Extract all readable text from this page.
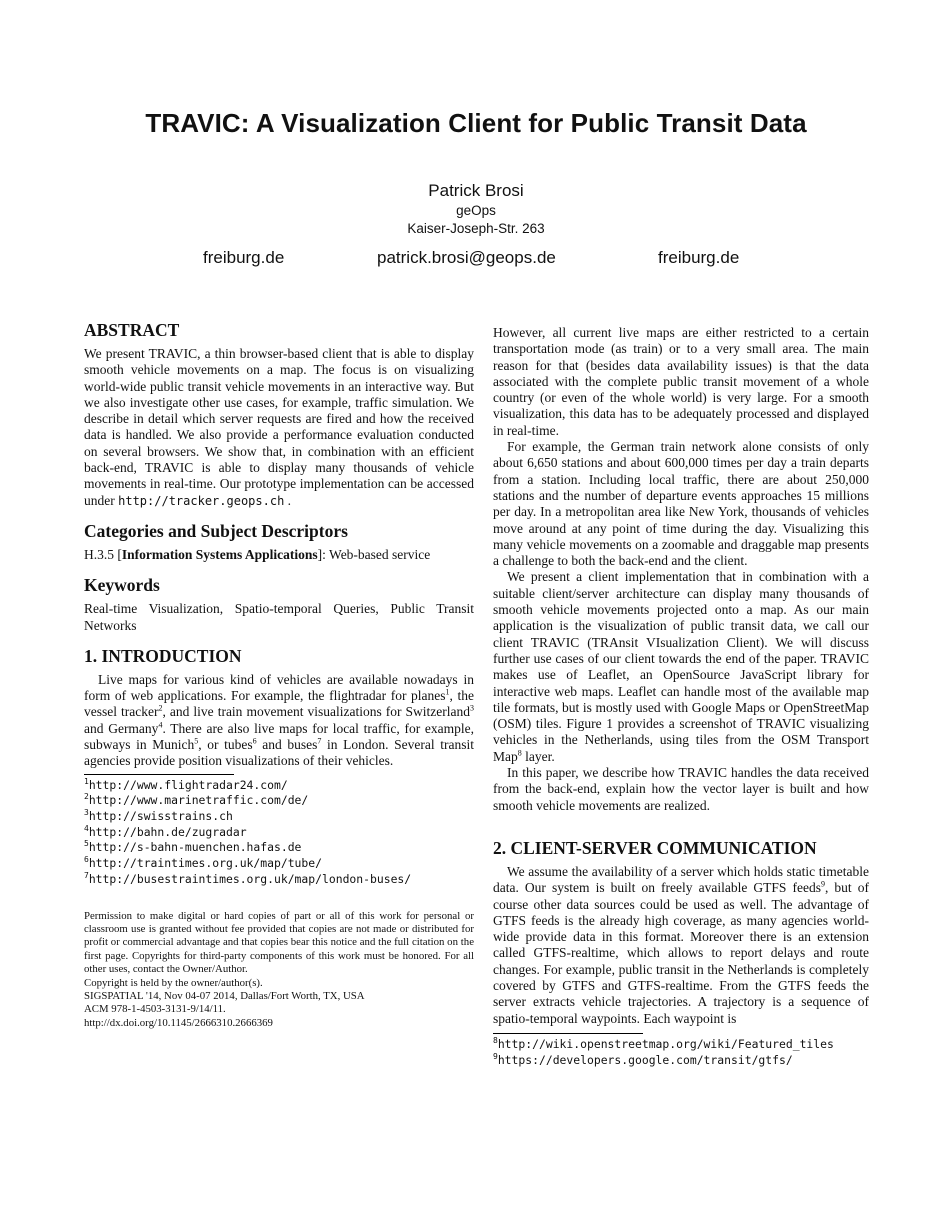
TRAVIC: A Visualization Client for Public Transit Data
Patrick Brosi
geOps
Kaiser-Joseph-Str. 263
freiburg.de	patrick.brosi@geops.de	freiburg.de
ABSTRACT

We present TRAVIC, a thin browser-based client that is able to display smooth vehicle movements on a map. The focus is on visualizing world-wide public transit vehicle movements in an interactive way. But we also investigate other use cases, for example, traffic simulation. We describe in detail which server requests are fired and how the received data is handled. We also provide a performance evaluation conducted on several browsers. We show that, in combination with an efficient back-end, TRAVIC is able to display many thousands of vehicle movements in real-time. Our prototype implementation can be accessed under http://tracker.geops.ch .

Categories and Subject Descriptors

H.3.5 [Information Systems Applications]: Web-based service

Keywords

Real-time Visualization, Spatio-temporal Queries, Public Transit Networks

1. INTRODUCTION

Live maps for various kind of vehicles are available nowadays in form of web applications. For example, the flightradar for planes$^1$, the vessel tracker$^2$, and live train movement visualizations for Switzerland$^3$ and Germany$^4$. There are also live maps for local traffic, for example, subways in Munich$^5$, or tubes$^6$ and buses$^7$ in London. Several transit agencies provide position visualizations of their vehicles.

$^1$http://www.flightradar24.com/
$^2$http://www.marinetraffic.com/de/
$^3$http://swisstrains.ch
$^4$http://bahn.de/zugradar
$^5$http://s-bahn-muenchen.hafas.de
$^6$http://traintimes.org.uk/map/tube/
$^7$http://busestraintimes.org.uk/map/london-buses/

Permission to make digital or hard copies of part or all of this work for personal or classroom use is granted without fee provided that copies are not made or distributed for profit or commercial advantage and that copies bear this notice and the full citation on the first page. Copyrights for third-party components of this work must be honored. For all other uses, contact the Owner/Author.

Copyright is held by the owner/author(s).
SIGSPATIAL '14, Nov 04-07 2014, Dallas/Fort Worth, TX, USA
ACM 978-1-4503-3131-9/14/11.
http://dx.doi.org/10.1145/2666310.2666369

However, all current live maps are either restricted to a certain transportation mode (as train) or to a very small area. The main reason for that (besides data availability issues) is that the data associated with the complete public transit movement of a whole country (or even of the whole world) is very large. For a smooth visualization, this data has to be adequately processed and displayed in real-time.

For example, the German train network alone consists of only about 6,650 stations and about 600,000 times per day a train departs from a station. Including local traffic, there are about 250,000 stations and the number of departure events approaches 15 millions per day. In a metropolitan area like New York, thousands of vehicles move around at any point of time during the day. Visualizing this many vehicle movements on a zoomable and draggable map presents a challenge to both the back-end and the client.

We present a client implementation that in combination with a suitable client/server architecture can display many thousands of smooth vehicle movements projected onto a map. As our main application is the visualization of public transit data, we call our client TRAVIC (TRAnsit VIsualization Client). We will discuss further use cases of our client towards the end of the paper. TRAVIC makes use of Leaflet, an OpenSource JavaScript library for interactive web maps. Leaflet can handle most of the available map tile formats, but is mostly used with Google Maps or OpenStreetMap (OSM) tiles. Figure 1 provides a screenshot of TRAVIC visualizing vehicles in the Netherlands, using tiles from the OSM Transport Map$^8$ layer.

In this paper, we describe how TRAVIC handles the data received from the back-end, explain how the vector layer is built and how smooth vehicle movements are realized.

2. CLIENT-SERVER COMMUNICATION

We assume the availability of a server which holds static timetable data. Our system is built on freely available GTFS feeds$^9$, but of course other data sources could be used as well. The advantage of GTFS feeds is the already high coverage, as many agencies world-wide provide data in this format. Moreover there is an extension called GTFS-realtime, which allows to report delays and route changes. For example, public transit in the Netherlands is completely covered by GTFS and GTFS-realtime. From the GTFS feeds the server extracts vehicle trajectories. A trajectory is a sequence of spatio-temporal waypoints. Each waypoint is

$^8$http://wiki.openstreetmap.org/wiki/Featured_tiles
$^9$https://developers.google.com/transit/gtfs/
